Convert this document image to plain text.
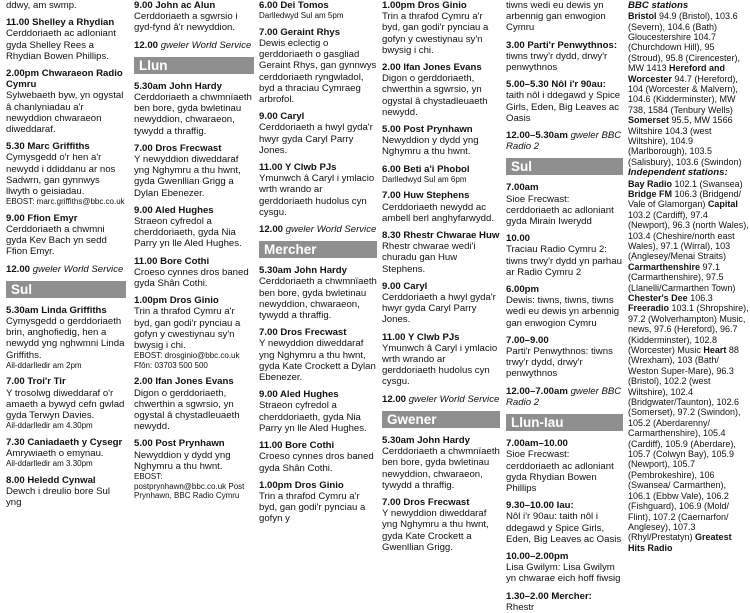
ddwy, am swmp.
11.00 Shelley a Rhydian
Cerddoriaeth ac adloniant gyda Shelley Rees a Rhydian Bowen Phillips.
2.00pm Chwaraeon Radio Cymru
Sylwebaeth byw, yn ogystal â chanlyniadau a'r newyddion chwaraeon diweddaraf.
5.30 Marc Griffiths
Cymysgedd o'r hen a'r newydd i ddiddanu ar nos Sadwrn, gan gynnwys llwyth o geisiadau.
EBOST: marc.griffiths@bbc.co.uk
9.00 Ffion Emyr
Cerddoriaeth a chwmni gyda Kev Bach yn sedd Ffion Emyr.
12.00 gweler World Service
Sul
5.30am Linda Griffiths
Cymysgedd o gerddoriaeth brin, anghofiedig, hen a newydd yng nghwmni Linda Griffiths.
Ail-ddarlledir am 2pm
7.00 Troi'r Tir
Y trosolwg diweddaraf o'r amaeth a bywyd cefn gwlad gyda Terwyn Davies.
Ail-ddarlledir am 4.30pm
7.30 Caniadaeth y Cysegr
Amrywiaeth o emynau.
Ail-ddarlledir am 3.30pm
8.00 Heledd Cynwal
Dewch i dreulio bore Sul yng
9.00 John ac Alun
Cerddoriaeth a sgwrsio i gyd-fynd â'r newyddion.
12.00 gweler World Service
Llun
5.30am John Hardy
Cerddoriaeth a chwmnïaeth ben bore, gyda bwletinau newyddion, chwaraeon, tywydd a thraffig.
7.00 Dros Frecwast
Y newyddion diweddaraf yng Nghymru a thu hwnt, gyda Gwenllian Grigg a Dylan Ebenezer.
9.00 Aled Hughes
Straeon cyfredol a cherddoriaeth, gyda Nia Parry yn lle Aled Hughes.
11.00 Bore Cothi
Croeso cynnes dros baned gyda Shân Cothi.
1.00pm Dros Ginio
Trin a thrafod Cymru a'r byd, gan godi'r pynciau a gofyn y cwestiynau sy'n bwysig i chi.
EBOST: drosginio@bbc.co.uk Ffôn: 03703 500 500
2.00 Ifan Jones Evans
Digon o gerddoriaeth, chwerthin a sgwrsio, yn ogystal â chystadleuaeth newydd.
5.00 Post Prynhawn
Newyddion y dydd yng Nghymru a thu hwnt.
EBOST: postprynhawn@bbc.co.uk Post Prynhawn, BBC Radio Cymru
6.00 Dei Tomos
Darlledwyd Sul am 5pm
7.00 Geraint Rhys
Dewis eclectig o gerddoriaeth o gasgliad Geraint Rhys, gan gynnwys cerddoriaeth ryngwladol, byd a thraciau Cymraeg arbrofol.
9.00 Caryl
Cerddoriaeth a hwyl gyda'r hwyr gyda Caryl Parry Jones.
11.00 Y Clwb PJs
Ymunwch â Caryl i ymlacio wrth wrando ar gerddoriaeth hudolus cyn cysgu.
12.00 gweler World Service
Mercher
5.30am John Hardy
Cerddoriaeth a chwmnïaeth ben bore, gyda bwletinau newyddion, chwaraeon, tywydd a thraffig.
7.00 Dros Frecwast
Y newyddion diweddaraf yng Nghymru a thu hwnt, gyda Kate Crockett a Dylan Ebenezer.
9.00 Aled Hughes
Straeon cyfredol a cherddoriaeth, gyda Nia Parry yn lle Aled Hughes.
11.00 Bore Cothi
Croeso cynnes dros baned gyda Shân Cothi.
1.00pm Dros Ginio
Trin a thrafod Cymru a'r byd, gan godi'r pynciau a gofyn y
1.00pm Dros Ginio
Trin a thrafod Cymru a'r byd, gan godi'r pynciau a gofyn y cwestiynau sy'n bwysig i chi.
2.00 Ifan Jones Evans
Digon o gerddoriaeth, chwerthin a sgwrsio, yn ogystal â chystadleuaeth newydd.
5.00 Post Prynhawn
Newyddion y dydd yng Nghymru a thu hwnt.
6.00 Beti a'i Phobol
Darlledwyd Sul am 6pm
7.00 Huw Stephens
Cerddoriaeth newydd ac ambell berl anghyfarwydd.
8.30 Rhestr Chwarae Huw
Rhestr chwarae wedi'i churadu gan Huw Stephens.
9.00 Caryl
Cerddoriaeth a hwyl gyda'r hwyr gyda Caryl Parry Jones.
11.00 Y Clwb PJs
Ymunwch â Caryl i ymlacio wrth wrando ar gerddoriaeth hudolus cyn cysgu.
12.00 gweler World Service
Gwener
5.30am John Hardy
Cerddoriaeth a chwmnïaeth ben bore, gyda bwletinau newyddion, chwaraeon, tywydd a thraffig.
7.00 Dros Frecwast
Y newyddion diweddaraf yng Nghymru a thu hwnt, gyda Kate Crockett a Gwenllian Grigg.
tiwns wedi eu dewis yn arbennig gan enwogion Cymru
3.00 Parti'r Penwythnos:
tiwns trwy'r dydd, drwy'r penwythnos
5.00–5.30 Nôl i'r 90au:
taith nôl i ddegawd y Spice Girls, Eden, Big Leaves ac Oasis
12.00–5.30am gweler BBC Radio 2
Sul
7.00am
Sioe Frecwast: cerddoriaeth ac adloniant gyda Mirain Iwerydd
10.00
Traciau Radio Cymru 2: tiwns trwy'r dydd yn parhau ar Radio Cymru 2
6.00pm
Dewis: tiwns, tiwns, tiwns wedi eu dewis yn arbennig gan enwogion Cymru
7.00–9.00
Parti'r Penwythnos: tiwns trwy'r dydd, drwy'r penwythnos
12.00–7.00am gweler BBC Radio 2
Llun-Iau
7.00am–10.00
Sioe Frecwast: cerddoriaeth ac adloniant gyda Rhydian Bowen Phillips
9.30–10.00 Iau:
Nôl i'r 90au: taith nôl i ddegawd y Spice Girls, Eden, Big Leaves ac Oasis
10.00–2.00pm
Lisa Gwilym: Lisa Gwilym yn chwarae eich hoff fiwsig
1.30–2.00 Mercher:
Rhestr
BBC stations

Bristol 94.9 (Bristol), 103.6 (Severn), 104.6 (Bath) Gloucestershire 104.7 (Churchdown Hill), 95 (Stroud), 95.8 (Cirencester), MW 1413 Hereford and Worcester 94.7 (Hereford), 104 (Worcester & Malvern), 104.6 (Kidderminster), MW 738, 1584 (Tenbury Wells) Somerset 95.5, MW 1566 Wiltshire 104.3 (west Wiltshire), 104.9 (Marlborough), 103.5 (Salisbury), 103.6 (Swindon)

Independent stations:

Bay Radio 102.1 (Swansea) Bridge FM 106.3 (Bridgend/ Vale of Glamorgan) Capital 103.2 (Cardiff), 97.4 (Newport), 96.3 (north Wales), 103.4 (Cheshire/north east Wales), 97.1 (Wirral), 103 (Anglesey/Menai Straits) Carmarthenshire 97.1 (Carmarthenshire), 97.5 (Llanelli/Carmarthen Town) Chester's Dee 106.3 Freeradio 103.1 (Shropshire), 97.2 (Wolverhampton) Music, news, 97.6 (Hereford), 96.7 (Kidderminster), 102.8 (Worcester) Music Heart 88 (Wrexham), 103 (Bath/ Weston Super-Mare), 96.3 (Bristol), 102.2 (west Wiltshire), 102.4 (Bridgwater/Taunton), 102.6 (Somerset), 97.2 (Swindon), 105.2 (Aberdarenny/ Carmarthenshire), 105.4 (Cardiff), 105.9 (Aberdare), 105.7 (Colwyn Bay), 105.9 (Newport), 105.7 (Pembrokeshire), 106 (Swansea/ Carmarthen), 106.1 (Ebbw Vale), 106.2 (Fishguard), 106.9 (Mold/ Flint), 107.2 (Caernarfon/ Anglesey), 107.3 (Rhyl/Prestatyn) Greatest Hits Radio
